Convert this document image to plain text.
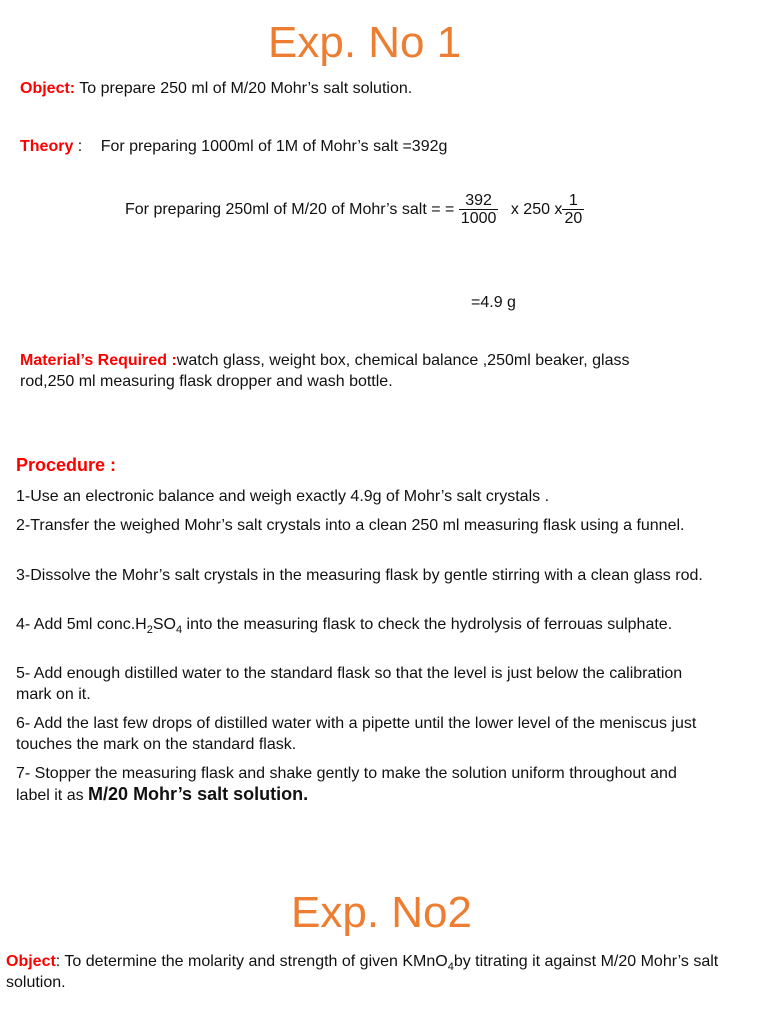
Exp. No 1
Object: To prepare 250 ml of M/20 Mohr’s salt solution.
Theory : For preparing 1000ml of 1M of Mohr’s salt =392g
For preparing 250ml of M/20 of Mohr’s salt = = $\frac{392}{1000}$ x 250 x $\frac{1}{20}$
=4.9 g
Material’s Required :watch glass, weight box, chemical balance ,250ml beaker, glass
rod,250 ml measuring flask dropper and wash bottle.
Procedure :
1-Use an electronic balance and weigh exactly 4.9g of Mohr’s salt crystals .
2-Transfer the weighed Mohr’s salt crystals into a clean 250 ml measuring flask using a funnel.
3-Dissolve the Mohr’s salt crystals in the measuring flask by gentle stirring with a clean glass rod.
4- Add 5ml $conc.H_2SO_4$ into the measuring flask to check the hydrolysis of ferrouas sulphate.
5- Add enough distilled water to the standard flask so that the level is just below the calibration mark on it.
6- Add the last few drops of distilled water with a pipette until the lower level of the meniscus just touches the mark on the standard flask.
7- Stopper the measuring flask and shake gently to make the solution uniform throughout and label it as M/20 Mohr’s salt solution.
Exp. No2
Object: To determine the molarity and strength of given KMnO$_4$by titrating it against M/20 Mohr’s salt solution.
